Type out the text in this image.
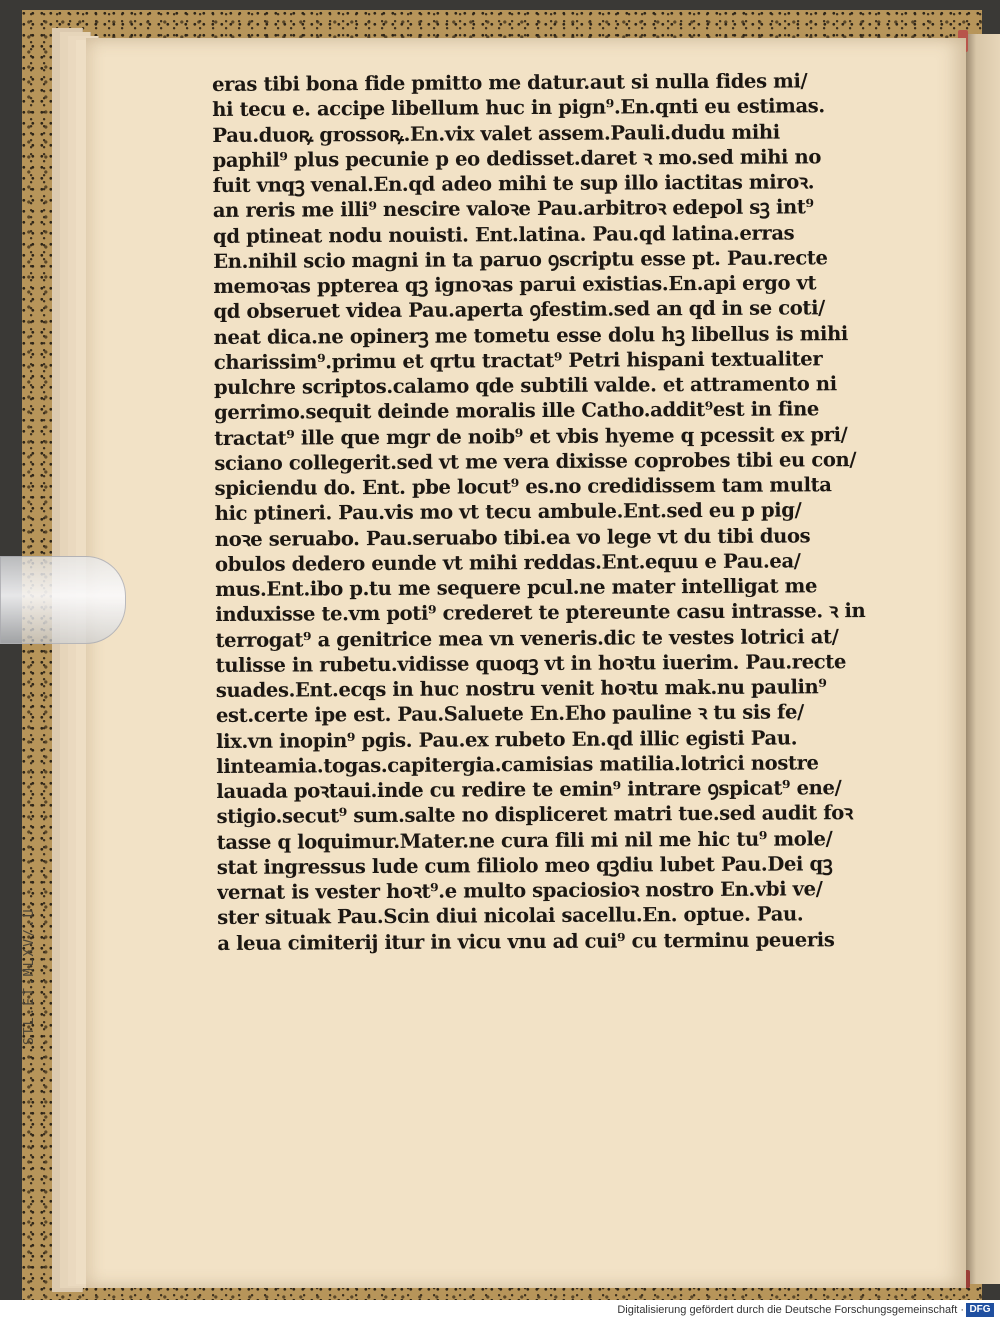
STL.ET.MLXV/.U
eras tibi bona fide pmitto me datur.aut si nulla fides mi/
hi tecu e. accipe libellum huc in pign⁹.En.qnti eu estimas.
Pau.duoꝶ grossoꝶ.En.vix valet assem.Pauli.dudu mihi
paphil⁹ plus pecunie p eo dedisset.daret ꝛ mo.sed mihi no
fuit vnqꝫ venal.En.qd adeo mihi te sup illo iactitas miroꝛ.
an reris me illi⁹ nescire valoꝛe Pau.arbitroꝛ edepol sꝫ int⁹
qd ptineat nodu nouisti. Ent.latina. Pau.qd latina.erras
En.nihil scio magni in ta paruo ꝯscriptu esse pt. Pau.recte
memoꝛas ppterea qꝫ ignoꝛas parui existias.En.api ergo vt
qd obseruet videa Pau.aperta ꝯfestim.sed an qd in se coti/
neat dica.ne opinerꝫ me tometu esse dolu hꝫ libellus is mihi
charissim⁹.primu et qrtu tractat⁹ Petri hispani textualiter
pulchre scriptos.calamo qde subtili valde. et attramento ni
gerrimo.sequit deinde moralis ille Catho.addit⁹est in fine
tractat⁹ ille que mgr de noib⁹ et vbis hyeme q pcessit ex pri/
sciano collegerit.sed vt me vera dixisse coprobes tibi eu con/
spiciendu do. Ent. pbe locut⁹ es.no credidissem tam multa
hic ptineri. Pau.vis mo vt tecu ambule.Ent.sed eu p pig/
noꝛe seruabo. Pau.seruabo tibi.ea vo lege vt du tibi duos
obulos dedero eunde vt mihi reddas.Ent.equu e Pau.ea/
mus.Ent.ibo p.tu me sequere pcul.ne mater intelligat me
induxisse te.vm poti⁹ crederet te ptereunte casu intrasse. ꝛ in
terrogat⁹ a genitrice mea vn veneris.dic te vestes lotrici at/
tulisse in rubetu.vidisse quoqꝫ vt in hoꝛtu iuerim. Pau.recte
suades.Ent.ecqs in huc nostru venit hoꝛtu mak.nu paulin⁹
est.certe ipe est. Pau.Saluete En.Eho pauline ꝛ tu sis fe/
lix.vn inopin⁹ pgis. Pau.ex rubeto En.qd illic egisti Pau.
linteamia.togas.capitergia.camisias matilia.lotrici nostre
lauada poꝛtaui.inde cu redire te emin⁹ intrare ꝯspicat⁹ ene/
stigio.secut⁹ sum.salte no displiceret matri tue.sed audit foꝛ
tasse q loquimur.Mater.ne cura fili mi nil me hic tu⁹ mole/
stat ingressus lude cum filiolo meo qꝫdiu lubet Pau.Dei qꝫ
vernat is vester hoꝛt⁹.e multo spaciosioꝛ nostro En.vbi ve/
ster situak Pau.Scin diui nicolai sacellu.En. optue. Pau.
a leua cimiterij itur in vicu vnu ad cui⁹ cu terminu peueris
Digitalisierung gefördert durch die Deutsche Forschungsgemeinschaft · DFG
